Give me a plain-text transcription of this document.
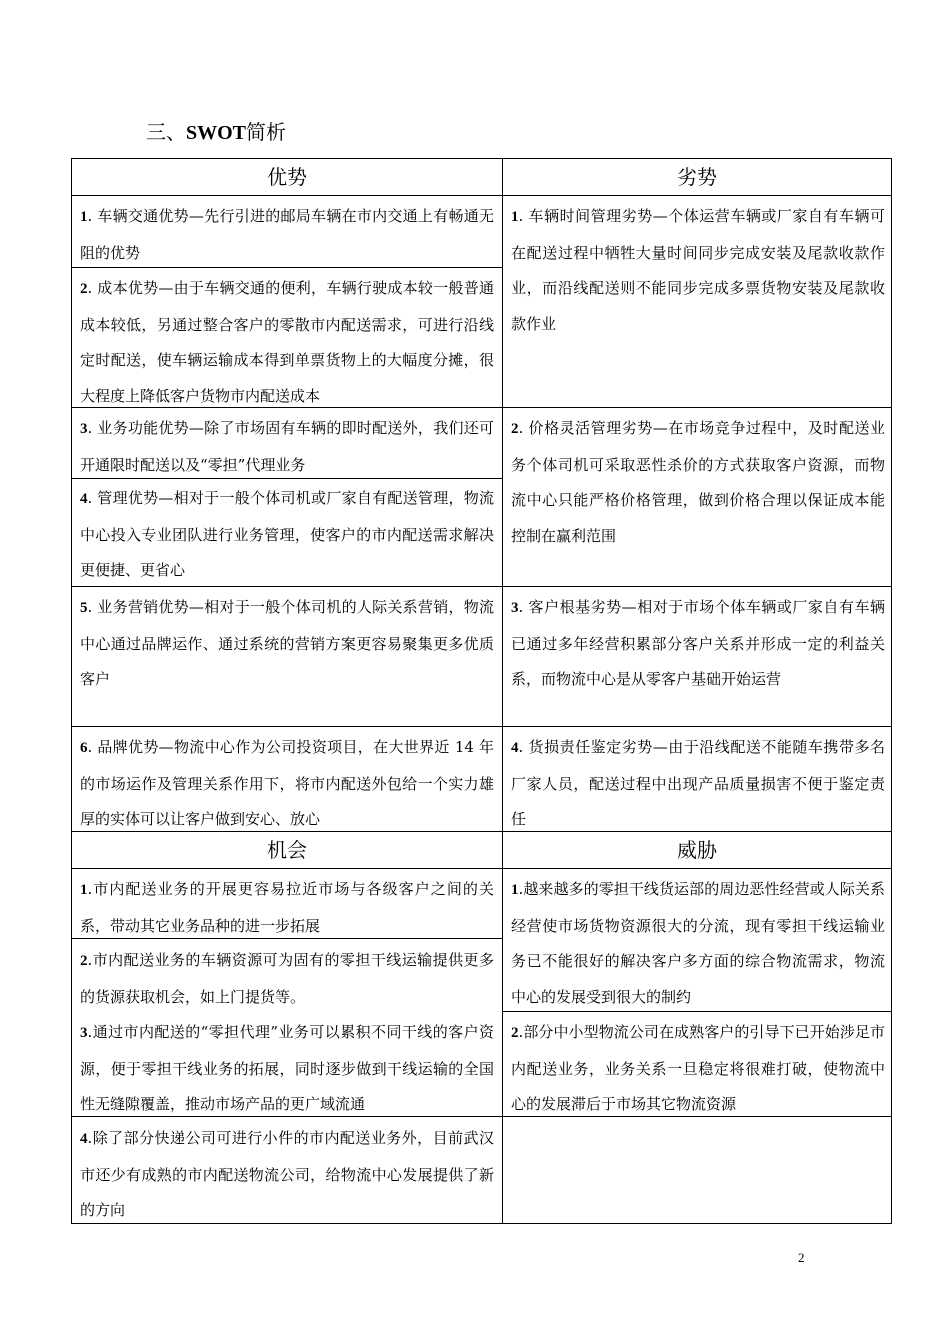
三、SWOT简析
优势	劣势
机会	威胁
1. 车辆交通优势—先行引进的邮局车辆在市内交通上有畅通无阻的优势
2. 成本优势—由于车辆交通的便利，车辆行驶成本较一般普通成本较低，另通过整合客户的零散市内配送需求，可进行沿线定时配送，使车辆运输成本得到单票货物上的大幅度分摊，很大程度上降低客户货物市内配送成本
3. 业务功能优势—除了市场固有车辆的即时配送外，我们还可开通限时配送以及“零担”代理业务
4. 管理优势—相对于一般个体司机或厂家自有配送管理，物流中心投入专业团队进行业务管理，使客户的市内配送需求解决更便捷、更省心
5. 业务营销优势—相对于一般个体司机的人际关系营销，物流中心通过品牌运作、通过系统的营销方案更容易聚集更多优质客户
6. 品牌优势—物流中心作为公司投资项目，在大世界近 14 年的市场运作及管理关系作用下，将市内配送外包给一个实力雄厚的实体可以让客户做到安心、放心
1. 车辆时间管理劣势—个体运营车辆或厂家自有车辆可在配送过程中牺牲大量时间同步完成安装及尾款收款作业，而沿线配送则不能同步完成多票货物安装及尾款收款作业
2. 价格灵活管理劣势—在市场竞争过程中，及时配送业务个体司机可采取恶性杀价的方式获取客户资源，而物流中心只能严格价格管理，做到价格合理以保证成本能控制在赢利范围
3. 客户根基劣势—相对于市场个体车辆或厂家自有车辆已通过多年经营积累部分客户关系并形成一定的利益关系，而物流中心是从零客户基础开始运营
4. 货损责任鉴定劣势—由于沿线配送不能随车携带多名厂家人员，配送过程中出现产品质量损害不便于鉴定责任
1.市内配送业务的开展更容易拉近市场与各级客户之间的关系，带动其它业务品种的进一步拓展
2.市内配送业务的车辆资源可为固有的零担干线运输提供更多的货源获取机会，如上门提货等。
3.通过市内配送的“零担代理”业务可以累积不同干线的客户资源，便于零担干线业务的拓展，同时逐步做到干线运输的全国性无缝隙覆盖，推动市场产品的更广域流通
4.除了部分快递公司可进行小件的市内配送业务外，目前武汉市还少有成熟的市内配送物流公司，给物流中心发展提供了新的方向
1.越来越多的零担干线货运部的周边恶性经营或人际关系经营使市场货物资源很大的分流，现有零担干线运输业务已不能很好的解决客户多方面的综合物流需求，物流中心的发展受到很大的制约
2.部分中小型物流公司在成熟客户的引导下已开始涉足市内配送业务，业务关系一旦稳定将很难打破，使物流中心的发展滞后于市场其它物流资源
2
